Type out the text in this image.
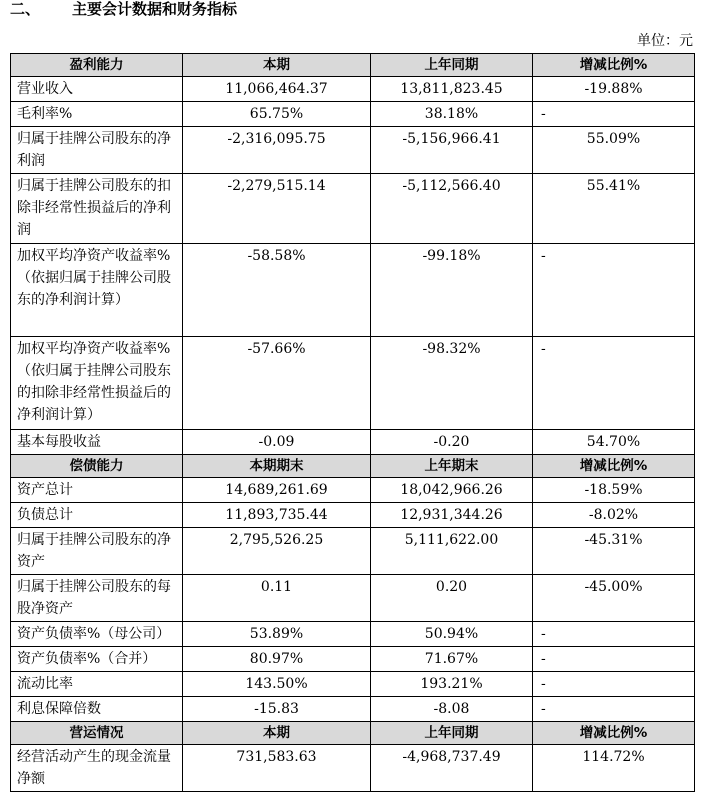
二、 主要会计数据和财务指标
单位：元
盈利能力	本期	上年同期	增减比例%
营业收入	11,066,464.37	13,811,823.45	-19.88%
毛利率%	65.75%	38.18%	-
归属于挂牌公司股东的净利润	-2,316,095.75	-5,156,966.41	55.09%
归属于挂牌公司股东的扣除非经常性损益后的净利润	-2,279,515.14	-5,112,566.40	55.41%
加权平均净资产收益率%（依据归属于挂牌公司股东的净利润计算）	-58.58%	-99.18%	-
加权平均净资产收益率%（依归属于挂牌公司股东的扣除非经常性损益后的净利润计算）	-57.66%	-98.32%	-
基本每股收益	-0.09	-0.20	54.70%
偿债能力	本期期末	上年期末	增减比例%
资产总计	14,689,261.69	18,042,966.26	-18.59%
负债总计	11,893,735.44	12,931,344.26	-8.02%
归属于挂牌公司股东的净资产	2,795,526.25	5,111,622.00	-45.31%
归属于挂牌公司股东的每股净资产	0.11	0.20	-45.00%
资产负债率%（母公司）	53.89%	50.94%	-
资产负债率%（合并）	80.97%	71.67%	-
流动比率	143.50%	193.21%	-
利息保障倍数	-15.83	-8.08	-
营运情况	本期	上年同期	增减比例%
经营活动产生的现金流量净额	731,583.63	-4,968,737.49	114.72%
